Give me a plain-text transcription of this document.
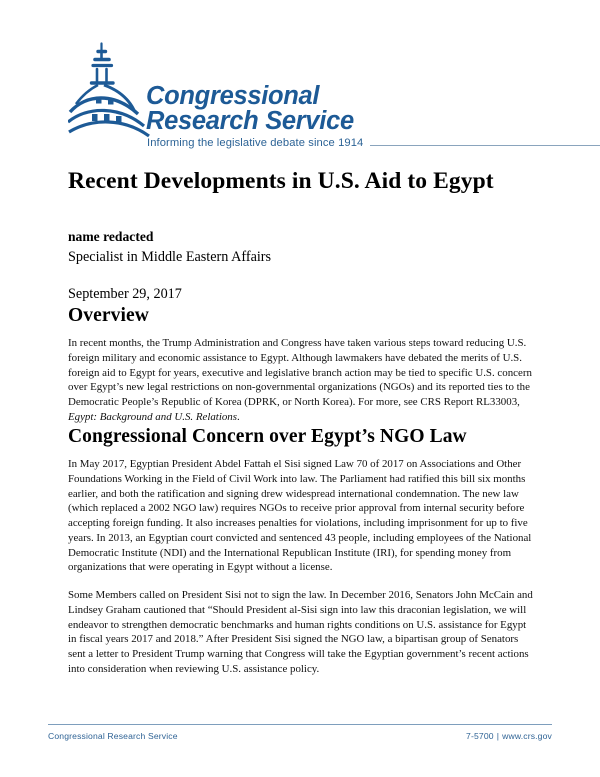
Congressional
Research Service
Informing the legislative debate since 1914
Recent Developments in U.S. Aid to Egypt
name redacted
Specialist in Middle Eastern Affairs
September 29, 2017
Overview

In recent months, the Trump Administration and Congress have taken various steps toward reducing U.S. foreign military and economic assistance to Egypt. Although lawmakers have debated the merits of U.S. foreign aid to Egypt for years, executive and legislative branch action may be tied to specific U.S. concern over Egypt’s new legal restrictions on non-governmental organizations (NGOs) and its reported ties to the Democratic People’s Republic of Korea (DPRK, or North Korea). For more, see CRS Report RL33003, Egypt: Background and U.S. Relations.

Congressional Concern over Egypt’s NGO Law

In May 2017, Egyptian President Abdel Fattah el Sisi signed Law 70 of 2017 on Associations and Other Foundations Working in the Field of Civil Work into law. The Parliament had ratified this bill six months earlier, and both the ratification and signing drew widespread international condemnation. The new law (which replaced a 2002 NGO law) requires NGOs to receive prior approval from internal security before accepting foreign funding. It also increases penalties for violations, including imprisonment for up to five years. In 2013, an Egyptian court convicted and sentenced 43 people, including employees of the National Democratic Institute (NDI) and the International Republican Institute (IRI), for spending money from organizations that were operating in Egypt without a license.

Some Members called on President Sisi not to sign the law. In December 2016, Senators John McCain and Lindsey Graham cautioned that “Should President al-Sisi sign into law this draconian legislation, we will endeavor to strengthen democratic benchmarks and human rights conditions on U.S. assistance for Egypt in fiscal years 2017 and 2018.” After President Sisi signed the NGO law, a bipartisan group of Senators sent a letter to President Trump warning that Congress will take the Egyptian government’s recent actions into consideration when reviewing U.S. assistance policy.

Congressional Research Service	7-5700 | www.crs.gov
